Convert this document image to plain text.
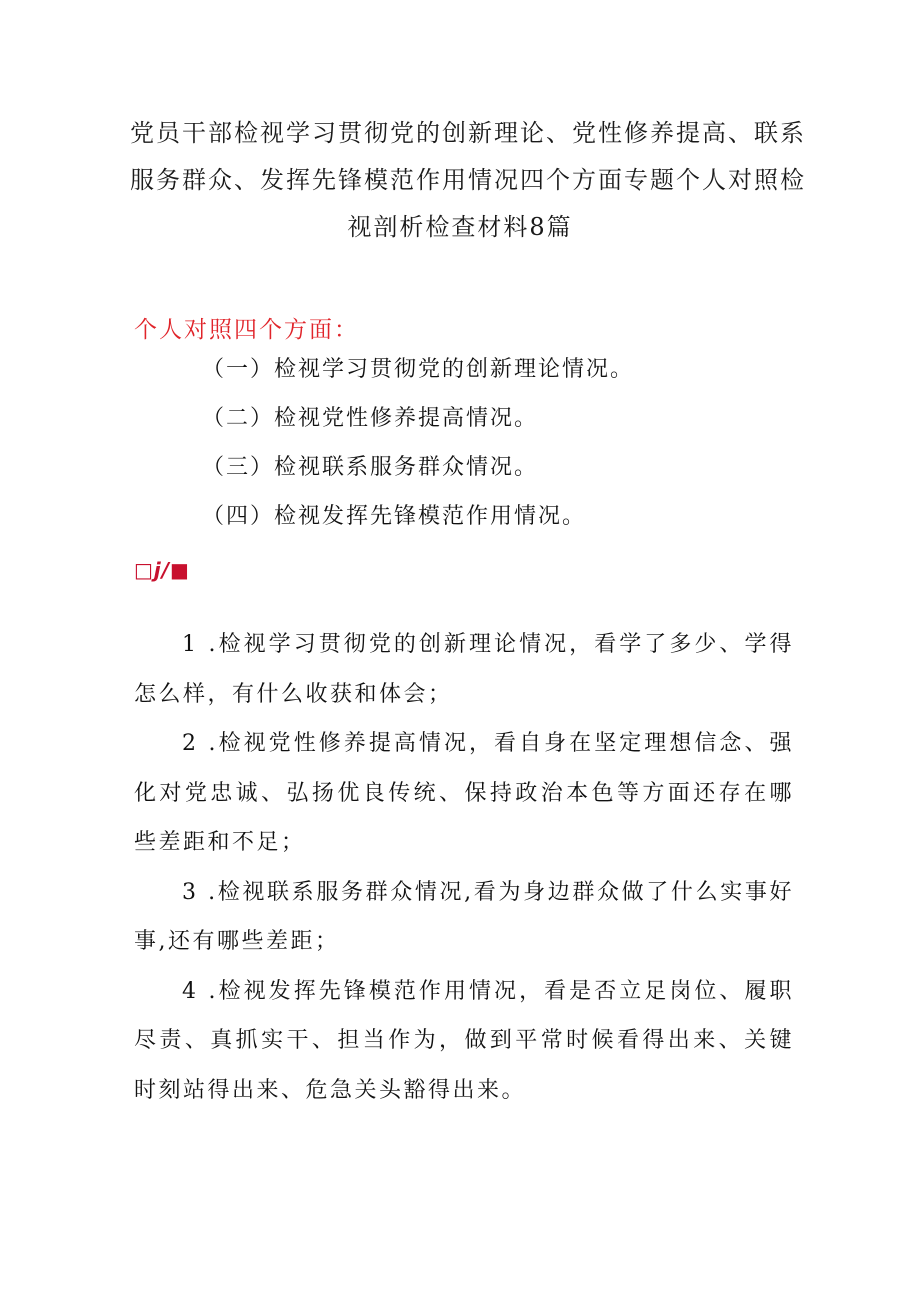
党员干部检视学习贯彻党的创新理论、党性修养提高、联系
服务群众、发挥先锋模范作用情况四个方面专题个人对照检
视剖析检查材料8篇
个人对照四个方面：
（一）检视学习贯彻党的创新理论情况。
（二）检视党性修养提高情况。
（三）检视联系服务群众情况。
（四）检视发挥先锋模范作用情况。
□j/■

1 .检视学习贯彻党的创新理论情况，看学了多少、学得怎么样，有什么收获和体会；

2 .检视党性修养提高情况，看自身在坚定理想信念、强化对党忠诚、弘扬优良传统、保持政治本色等方面还存在哪些差距和不足；

3 .检视联系服务群众情况,看为身边群众做了什么实事好事,还有哪些差距；

4 .检视发挥先锋模范作用情况，看是否立足岗位、履职尽责、真抓实干、担当作为，做到平常时候看得出来、关键时刻站得出来、危急关头豁得出来。
